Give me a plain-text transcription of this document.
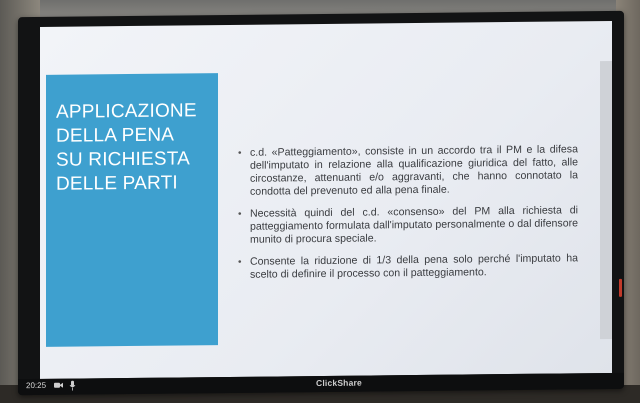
APPLICAZIONE
DELLA PENA
SU RICHIESTA
DELLE PARTI
• c.d. «Patteggiamento», consiste in un accordo tra il PM e la difesa dell'imputato in relazione alla qualificazione giuridica del fatto, alle circostanze, attenuanti e/o aggravanti, che hanno connotato la condotta del prevenuto ed alla pena finale.
• Necessità quindi del c.d. «consenso» del PM alla richiesta di patteggiamento formulata dall'imputato personalmente o dal difensore munito di procura speciale.
• Consente la riduzione di 1/3 della pena solo perché l'imputato ha scelto di definire il processo con il patteggiamento.
20:25	ClickShare
